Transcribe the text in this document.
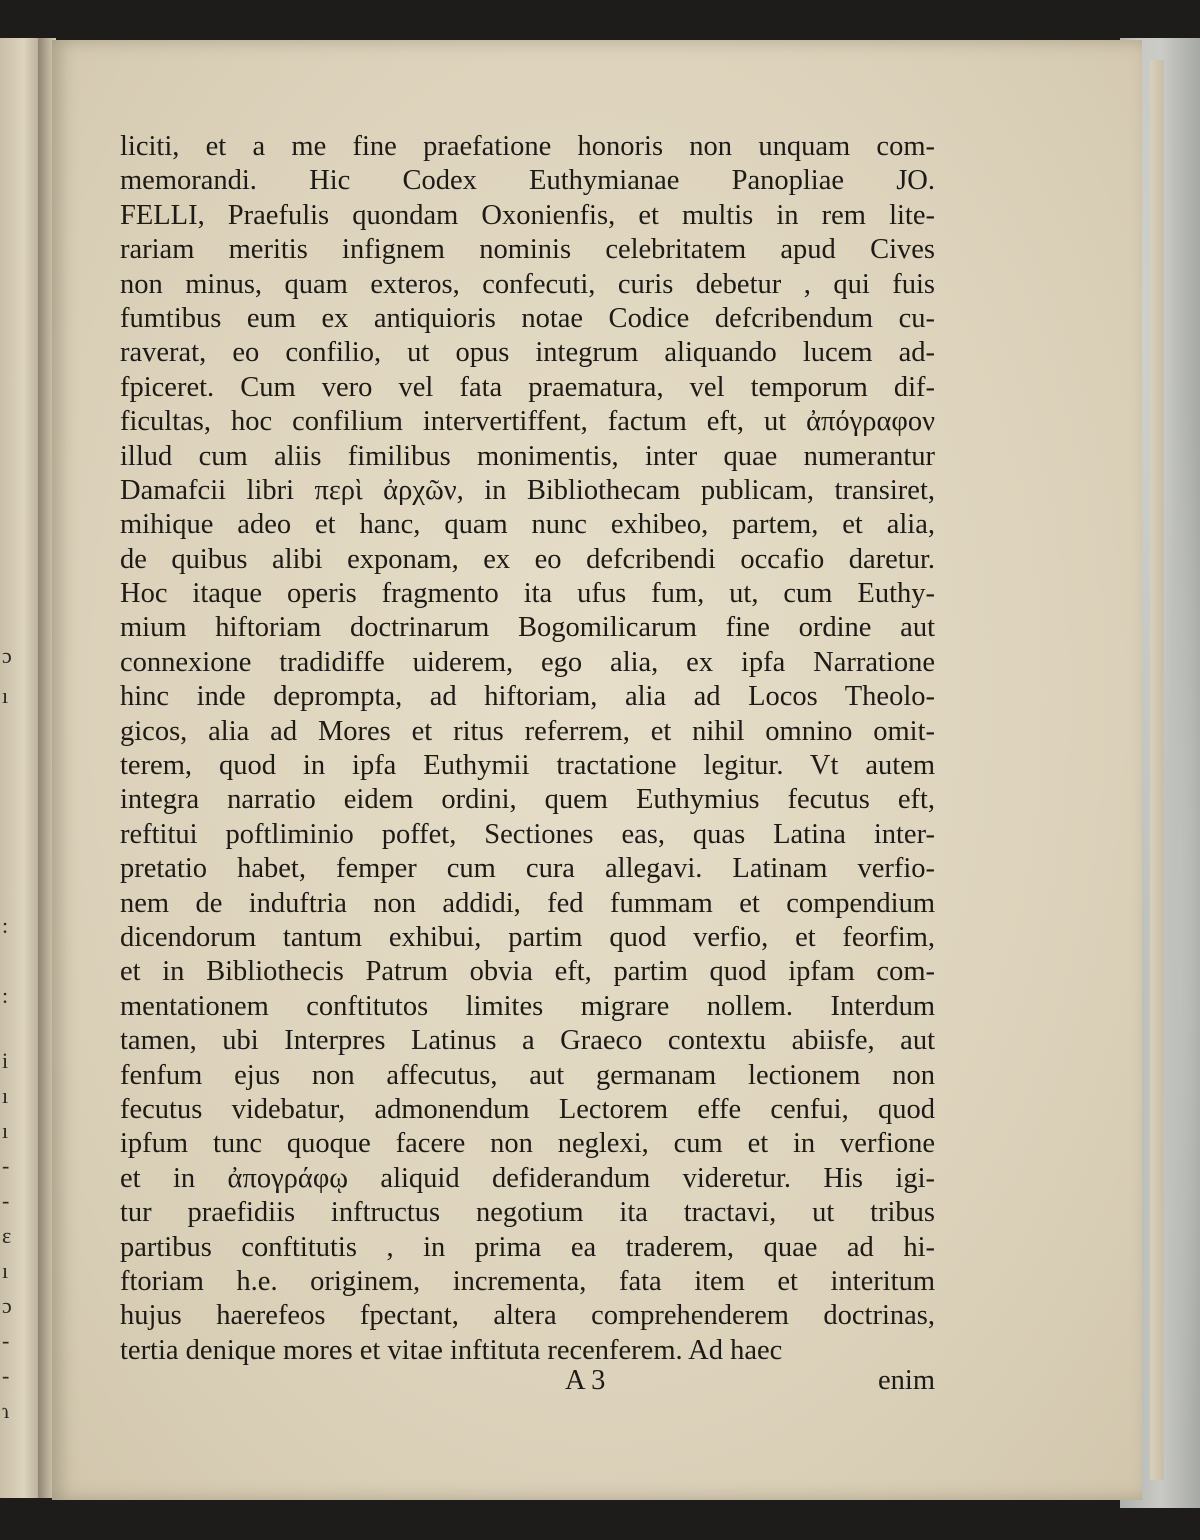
ɔ
ı
:
:
i
ı
ı
-
-
ɛ
ı
ɔ
-
-
ɿ
liciti, et a me fine praefatione honoris non unquam com-
memorandi. Hic Codex Euthymianae Panopliae JO.
FELLI, Praefulis quondam Oxonienfis, et multis in rem lite-
rariam meritis infignem nominis celebritatem apud Cives
non minus, quam exteros, confecuti, curis debetur , qui fuis
fumtibus eum ex antiquioris notae Codice defcribendum cu-
raverat, eo confilio, ut opus integrum aliquando lucem ad-
fpiceret. Cum vero vel fata praematura, vel temporum dif-
ficultas, hoc confilium intervertiffent, factum eft, ut ἀπόγραφον
illud cum aliis fimilibus monimentis, inter quae numerantur
Damafcii libri περὶ ἀρχῶν, in Bibliothecam publicam, transiret,
mihique adeo et hanc, quam nunc exhibeo, partem, et alia,
de quibus alibi exponam, ex eo defcribendi occafio daretur.
Hoc itaque operis fragmento ita ufus fum, ut, cum Euthy-
mium hiftoriam doctrinarum Bogomilicarum fine ordine aut
connexione tradidiffe uiderem, ego alia, ex ipfa Narratione
hinc inde deprompta, ad hiftoriam, alia ad Locos Theolo-
gicos, alia ad Mores et ritus referrem, et nihil omnino omit-
terem, quod in ipfa Euthymii tractatione legitur. Vt autem
integra narratio eidem ordini, quem Euthymius fecutus eft,
reftitui poftliminio poffet, Sectiones eas, quas Latina inter-
pretatio habet, femper cum cura allegavi. Latinam verfio-
nem de induftria non addidi, fed fummam et compendium
dicendorum tantum exhibui, partim quod verfio, et feorfim,
et in Bibliothecis Patrum obvia eft, partim quod ipfam com-
mentationem conftitutos limites migrare nollem. Interdum
tamen, ubi Interpres Latinus a Graeco contextu abiisfe, aut
fenfum ejus non affecutus, aut germanam lectionem non
fecutus videbatur, admonendum Lectorem effe cenfui, quod
ipfum tunc quoque facere non neglexi, cum et in verfione
et in ἀπογράφῳ aliquid defiderandum videretur. His igi-
tur praefidiis inftructus negotium ita tractavi, ut tribus
partibus conftitutis , in prima ea traderem, quae ad hi-
ftoriam h.e. originem, incrementa, fata item et interitum
hujus haerefeos fpectant, altera comprehenderem doctrinas,
tertia denique mores et vitae inftituta recenferem. Ad haec
A 3	enim
